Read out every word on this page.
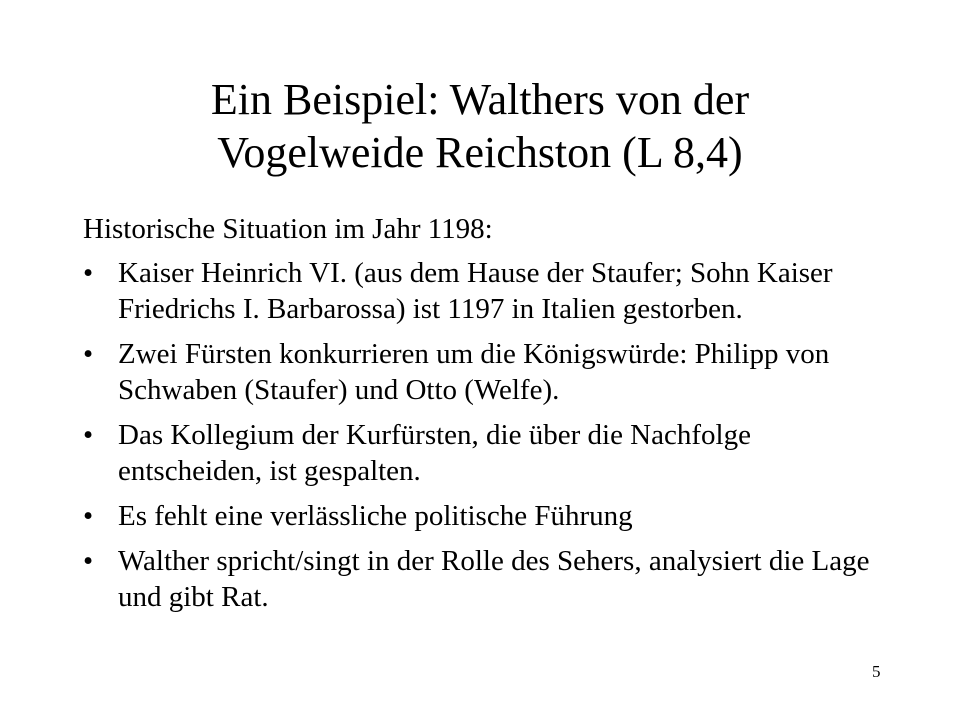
Ein Beispiel: Walthers von der
Vogelweide Reichston (L 8,4)

Historische Situation im Jahr 1198:

• Kaiser Heinrich VI. (aus dem Hause der Staufer; Sohn Kaiser Friedrichs I. Barbarossa) ist 1197 in Italien gestorben.
• Zwei Fürsten konkurrieren um die Königswürde: Philipp von Schwaben (Staufer) und Otto (Welfe).
• Das Kollegium der Kurfürsten, die über die Nachfolge entscheiden, ist gespalten.
• Es fehlt eine verlässliche politische Führung
• Walther spricht/singt in der Rolle des Sehers, analysiert die Lage und gibt Rat.
5
